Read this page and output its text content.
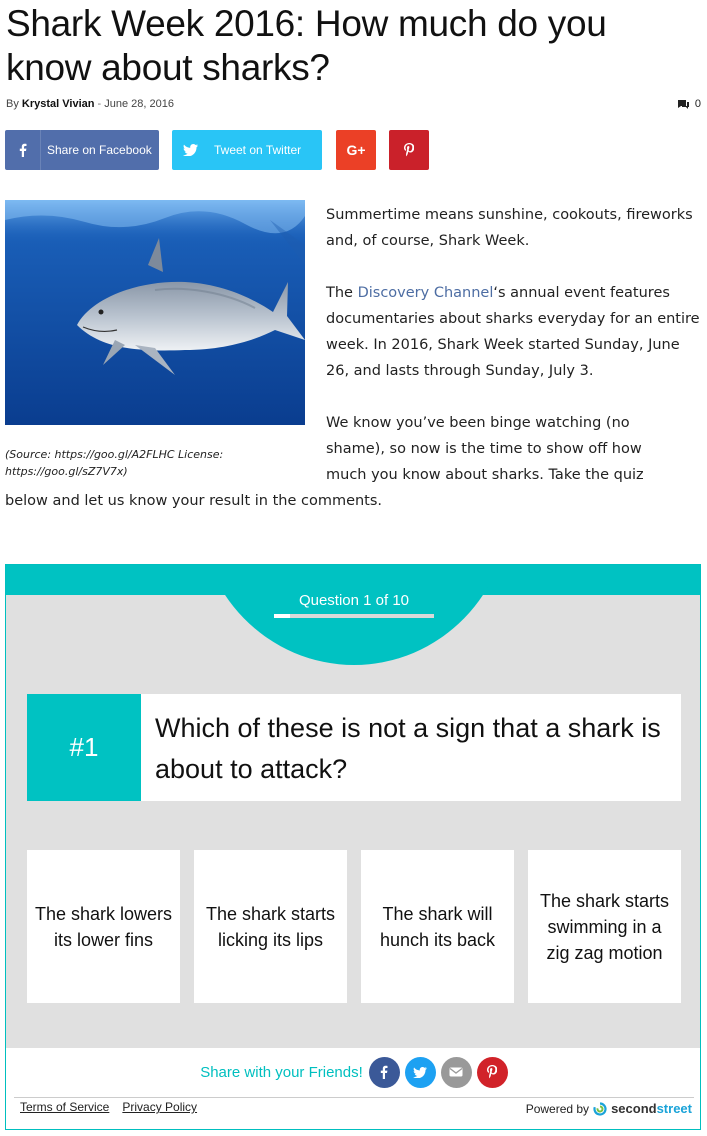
Shark Week 2016: How much do you know about sharks?
By Krystal Vivian - June 28, 2016	0
Share on Facebook	Tweet on Twitter	G+
(Source: https://goo.gl/A2FLHC License: https://goo.gl/sZ7V7x)

Summertime means sunshine, cookouts, fireworks and, of course, Shark Week.

The Discovery Channel‘s annual event features documentaries about sharks everyday for an entire week. In 2016, Shark Week started Sunday, June 26, and lasts through Sunday, July 3.

We know you’ve been binge watching (no

shame), so now is the time to show off how

much you know about sharks. Take the quiz

below and let us know your result in the comments.

Question 1 of 10
#1
Which of these is not a sign that a shark is about to attack?
The shark lowers its lower fins
The shark starts licking its lips
The shark will hunch its back
The shark starts swimming in a zig zag motion
Share with your Friends!
Terms of Service Privacy Policy	Powered by secondstreet
